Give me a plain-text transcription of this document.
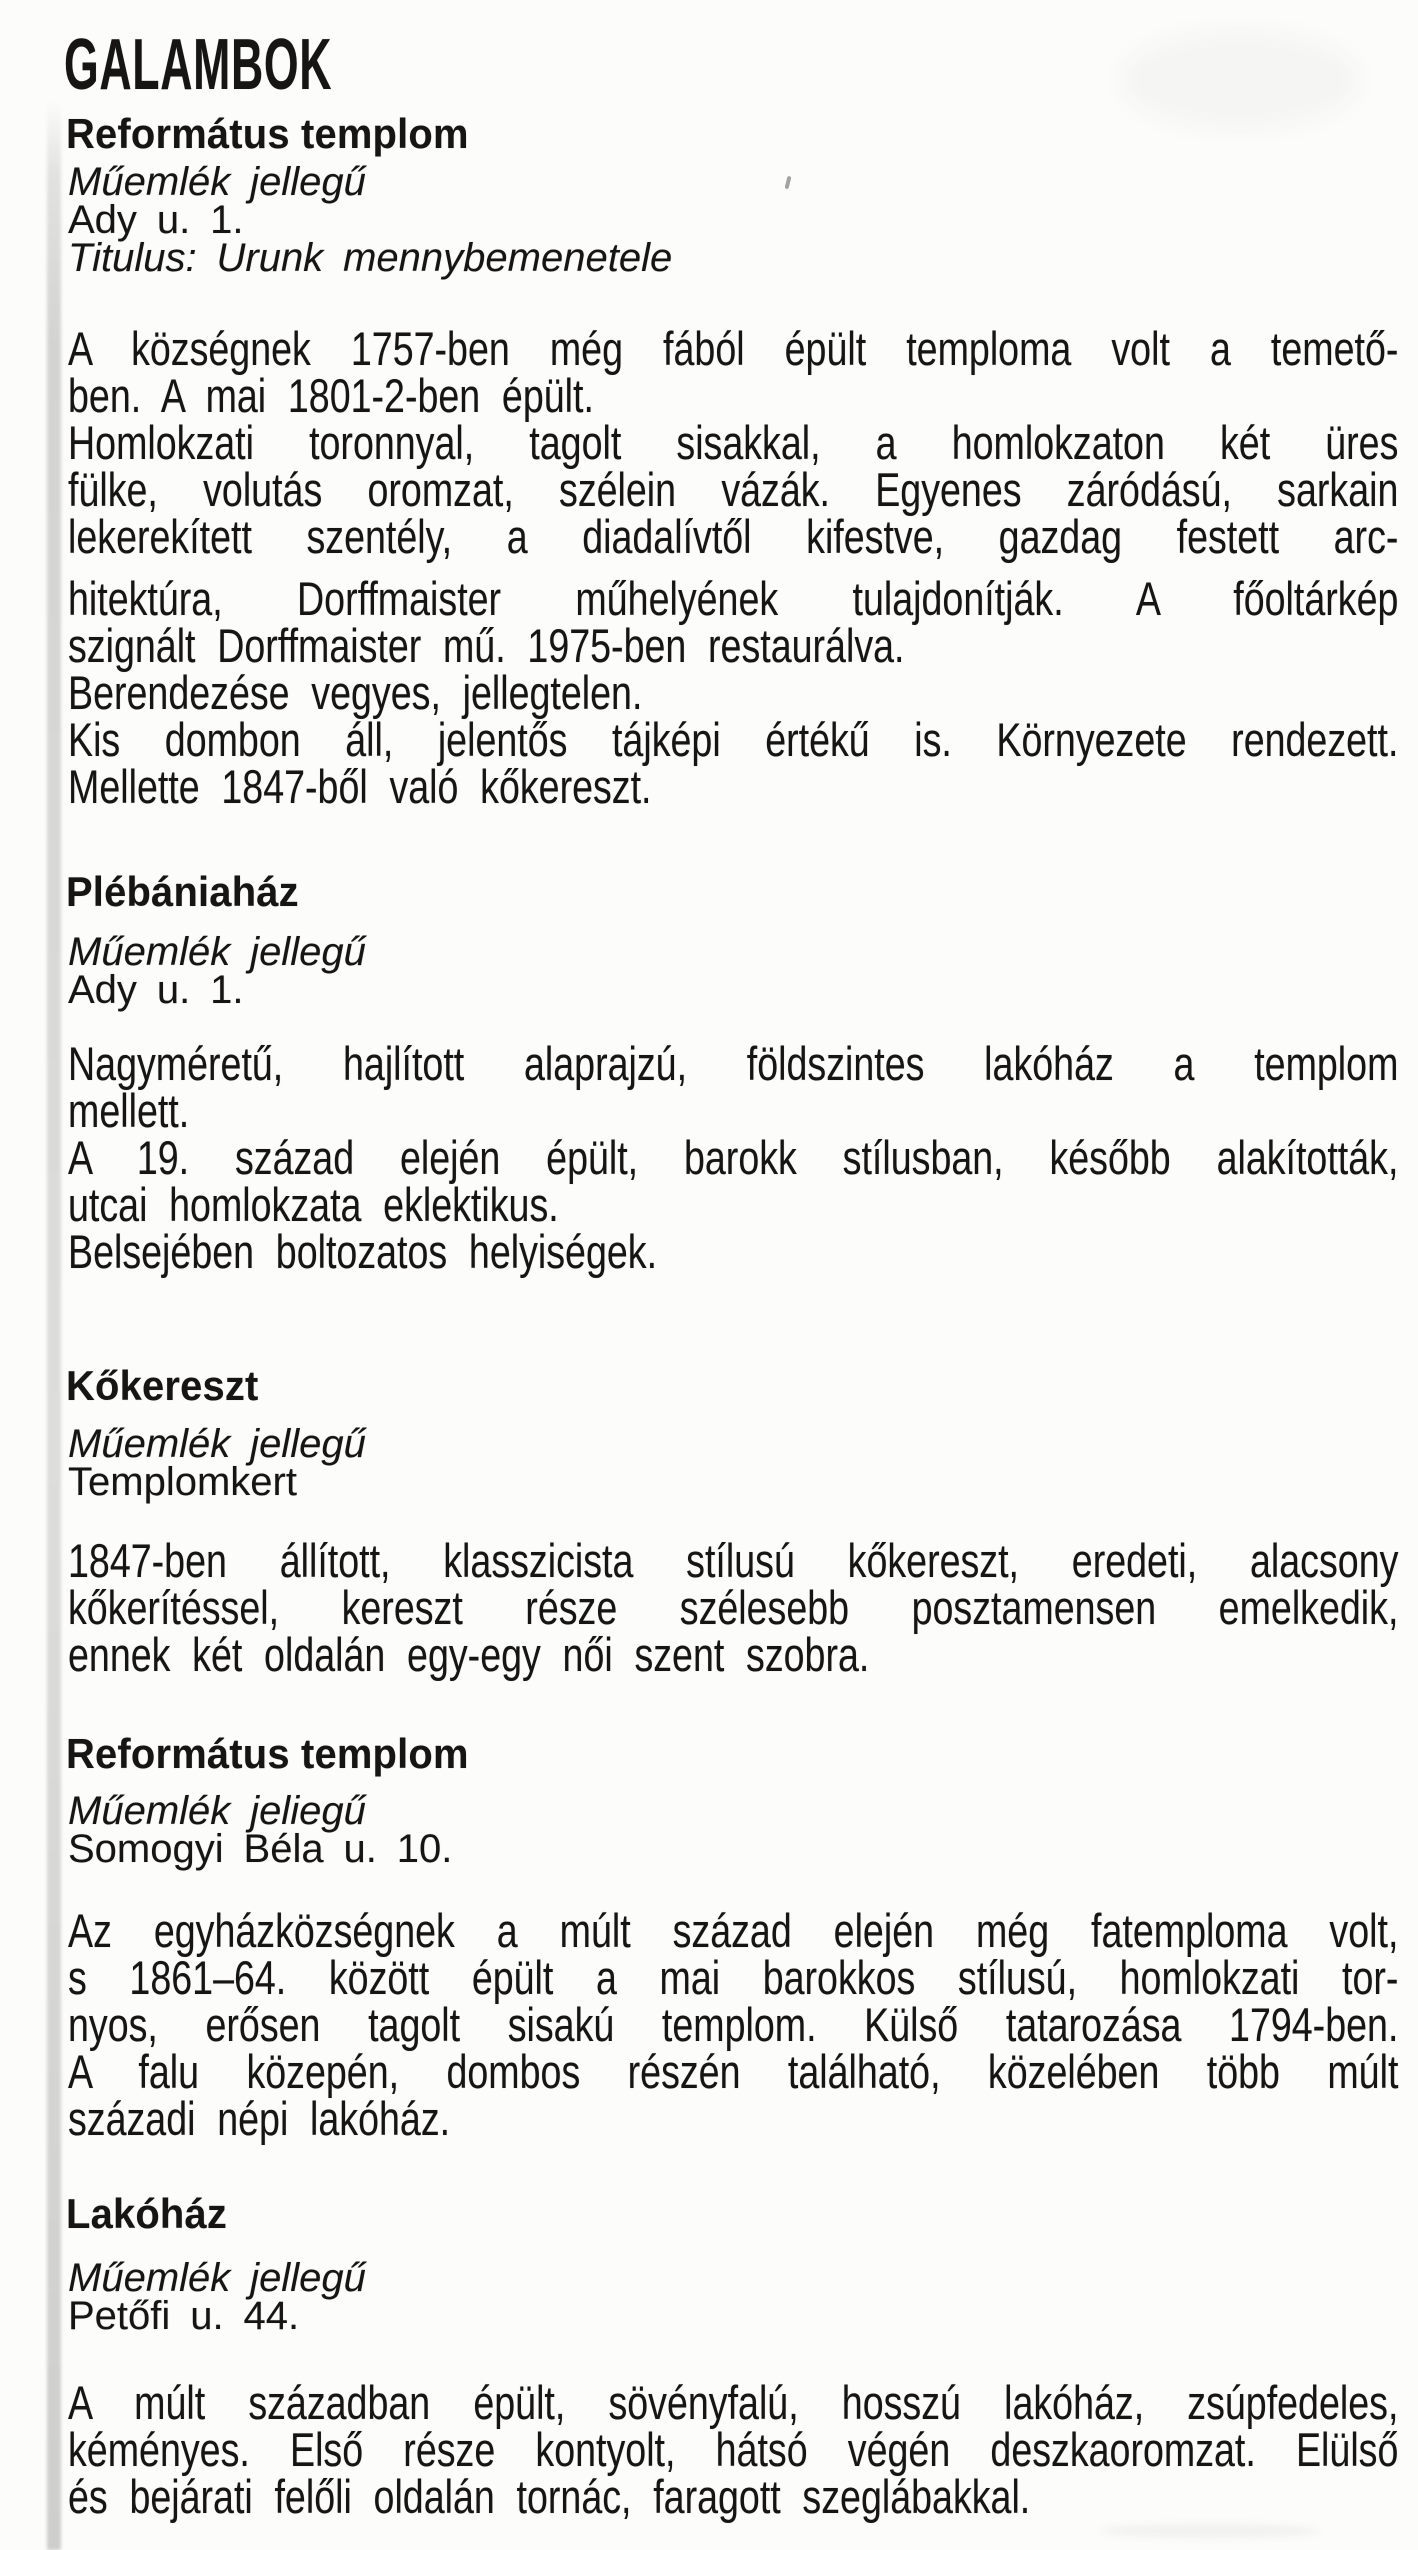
GALAMBOK
Református templom
Műemlék jellegű
Ady u. 1.
Titulus: Urunk mennybemenetele
A községnek 1757-ben még fából épült temploma volt a temető-
ben. A mai 1801-2-ben épült.
Homlokzati toronnyal, tagolt sisakkal, a homlokzaton két üres
fülke, volutás oromzat, szélein vázák. Egyenes záródású, sarkain
lekerekített szentély, a diadalívtől kifestve, gazdag festett arc-
hitektúra, Dorffmaister műhelyének tulajdonítják. A főoltárkép
szignált Dorffmaister mű. 1975-ben restaurálva.
Berendezése vegyes, jellegtelen.
Kis dombon áll, jelentős tájképi értékű is. Környezete rendezett.
Mellette 1847-ből való kőkereszt.
Plébániaház
Műemlék jellegű
Ady u. 1.
Nagyméretű, hajlított alaprajzú, földszintes lakóház a templom
mellett.
A 19. század elején épült, barokk stílusban, később alakították,
utcai homlokzata eklektikus.
Belsejében boltozatos helyiségek.
Kőkereszt
Műemlék jellegű
Templomkert
1847-ben állított, klasszicista stílusú kőkereszt, eredeti, alacsony
kőkerítéssel, kereszt része szélesebb posztamensen emelkedik,
ennek két oldalán egy-egy női szent szobra.
Református templom
Műemlék jeliegű
Somogyi Béla u. 10.
Az egyházközségnek a múlt század elején még fatemploma volt,
s 1861–64. között épült a mai barokkos stílusú, homlokzati tor-
nyos, erősen tagolt sisakú templom. Külső tatarozása 1794-ben.
A falu közepén, dombos részén található, közelében több múlt
századi népi lakóház.
Lakóház
Műemlék jellegű
Petőfi u. 44.
A múlt században épült, sövényfalú, hosszú lakóház, zsúpfedeles,
kéményes. Első része kontyolt, hátsó végén deszkaoromzat. Elülső
és bejárati felőli oldalán tornác, faragott szeglábakkal.
